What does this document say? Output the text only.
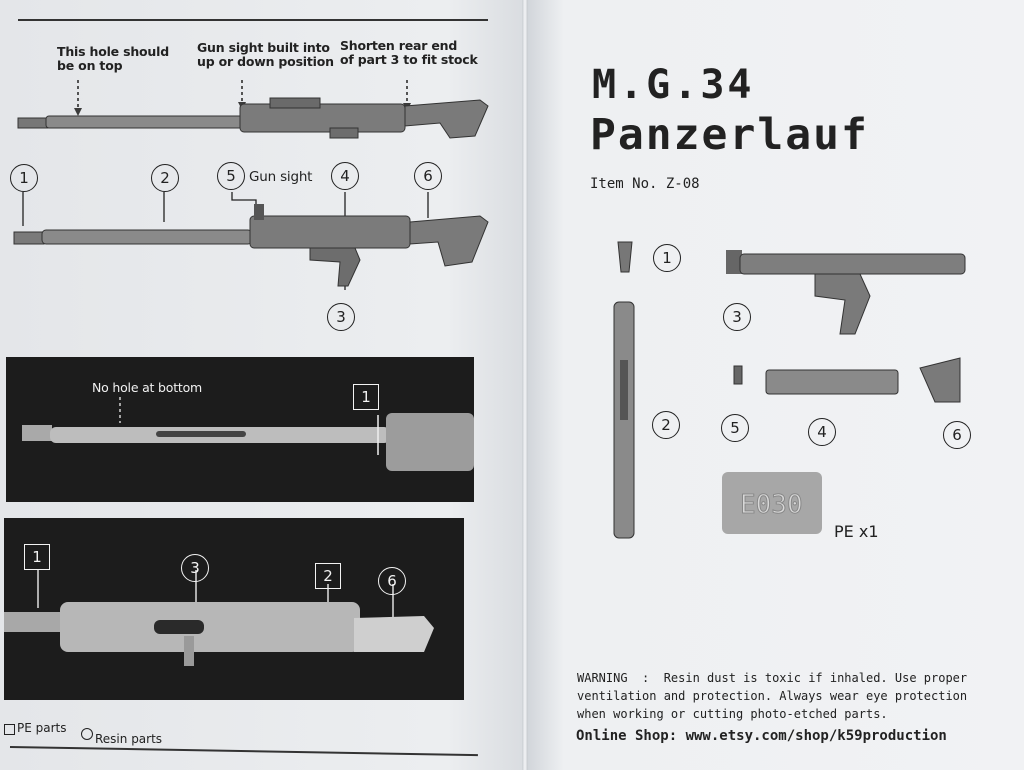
This hole should
be on top
Gun sight built into
up or down position
Shorten rear end
of part 3 to fit stock
1	2	5 Gun sight	4	6
3
No hole at bottom
1
1
3	2	6
PE parts
Resin parts
M.G.34
Panzerlauf
Item No. Z-08
E030
1
3
2	5	4	6
PE x1
WARNING  :  Resin dust is toxic if inhaled. Use proper
ventilation and protection. Always wear eye protection
when working or cutting photo-etched parts.
Online Shop: www.etsy.com/shop/k59production
